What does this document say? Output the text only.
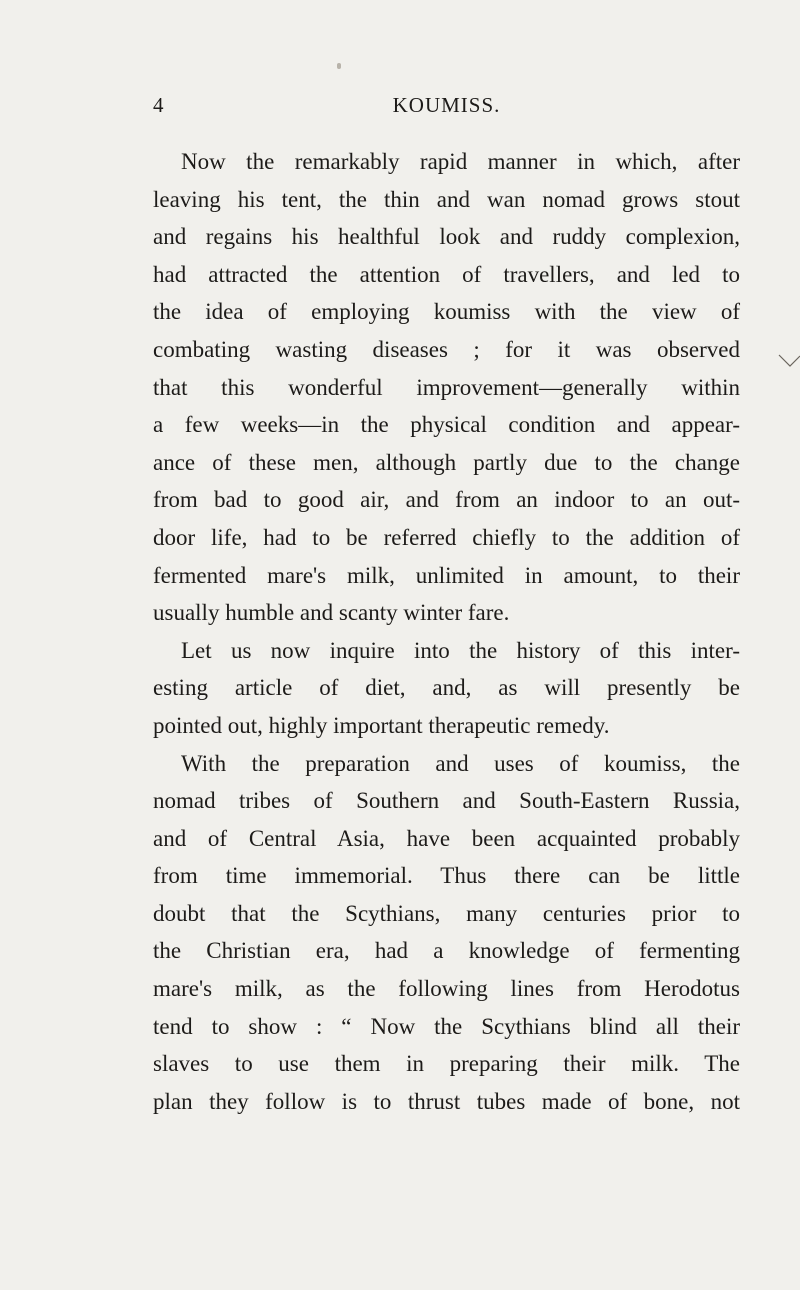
4	KOUMISS.
Now the remarkably rapid manner in which, after
leaving his tent, the thin and wan nomad grows stout
and regains his healthful look and ruddy complexion,
had attracted the attention of travellers, and led to
the idea of employing koumiss with the view of
combating wasting diseases ; for it was observed
that this wonderful improvement—generally within
a few weeks—in the physical condition and appear-
ance of these men, although partly due to the change
from bad to good air, and from an indoor to an out-
door life, had to be referred chiefly to the addition of
fermented mare's milk, unlimited in amount, to their
usually humble and scanty winter fare.
Let us now inquire into the history of this inter-
esting article of diet, and, as will presently be
pointed out, highly important therapeutic remedy.
With the preparation and uses of koumiss, the
nomad tribes of Southern and South-Eastern Russia,
and of Central Asia, have been acquainted probably
from time immemorial. Thus there can be little
doubt that the Scythians, many centuries prior to
the Christian era, had a knowledge of fermenting
mare's milk, as the following lines from Herodotus
tend to show : “ Now the Scythians blind all their
slaves to use them in preparing their milk. The
plan they follow is to thrust tubes made of bone, not
